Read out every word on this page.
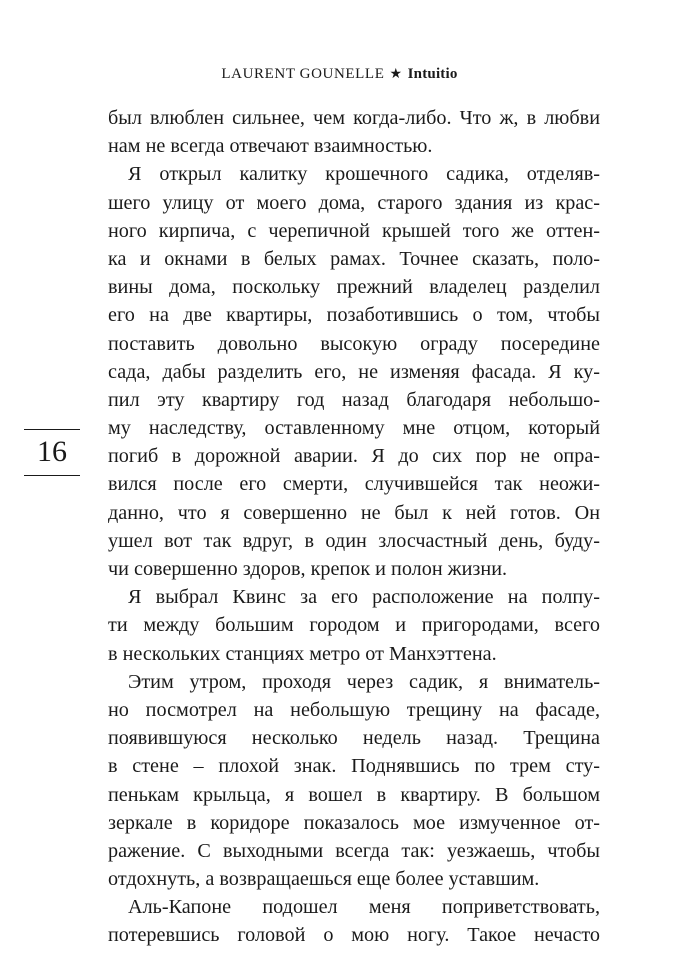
LAURENT GOUNELLE ★ Intuitio
16
был влюблен сильнее, чем когда-либо. Что ж, в любви
нам не всегда отвечают взаимностью.
Я открыл калитку крошечного садика, отделяв-
шего улицу от моего дома, старого здания из крас-
ного кирпича, с черепичной крышей того же оттен-
ка и окнами в белых рамах. Точнее сказать, поло-
вины дома, поскольку прежний владелец разделил
его на две квартиры, позаботившись о том, чтобы
поставить довольно высокую ограду посередине
сада, дабы разделить его, не изменяя фасада. Я ку-
пил эту квартиру год назад благодаря небольшо-
му наследству, оставленному мне отцом, который
погиб в дорожной аварии. Я до сих пор не опра-
вился после его смерти, случившейся так неожи-
данно, что я совершенно не был к ней готов. Он
ушел вот так вдруг, в один злосчастный день, буду-
чи совершенно здоров, крепок и полон жизни.
Я выбрал Квинс за его расположение на полпу-
ти между большим городом и пригородами, всего
в нескольких станциях метро от Манхэттена.
Этим утром, проходя через садик, я вниматель-
но посмотрел на небольшую трещину на фасаде,
появившуюся несколько недель назад. Трещина
в стене – плохой знак. Поднявшись по трем сту-
пенькам крыльца, я вошел в квартиру. В большом
зеркале в коридоре показалось мое измученное от-
ражение. С выходными всегда так: уезжаешь, чтобы
отдохнуть, а возвращаешься еще более уставшим.
Аль-Капоне подошел меня поприветствовать,
потеревшись головой о мою ногу. Такое нечасто
